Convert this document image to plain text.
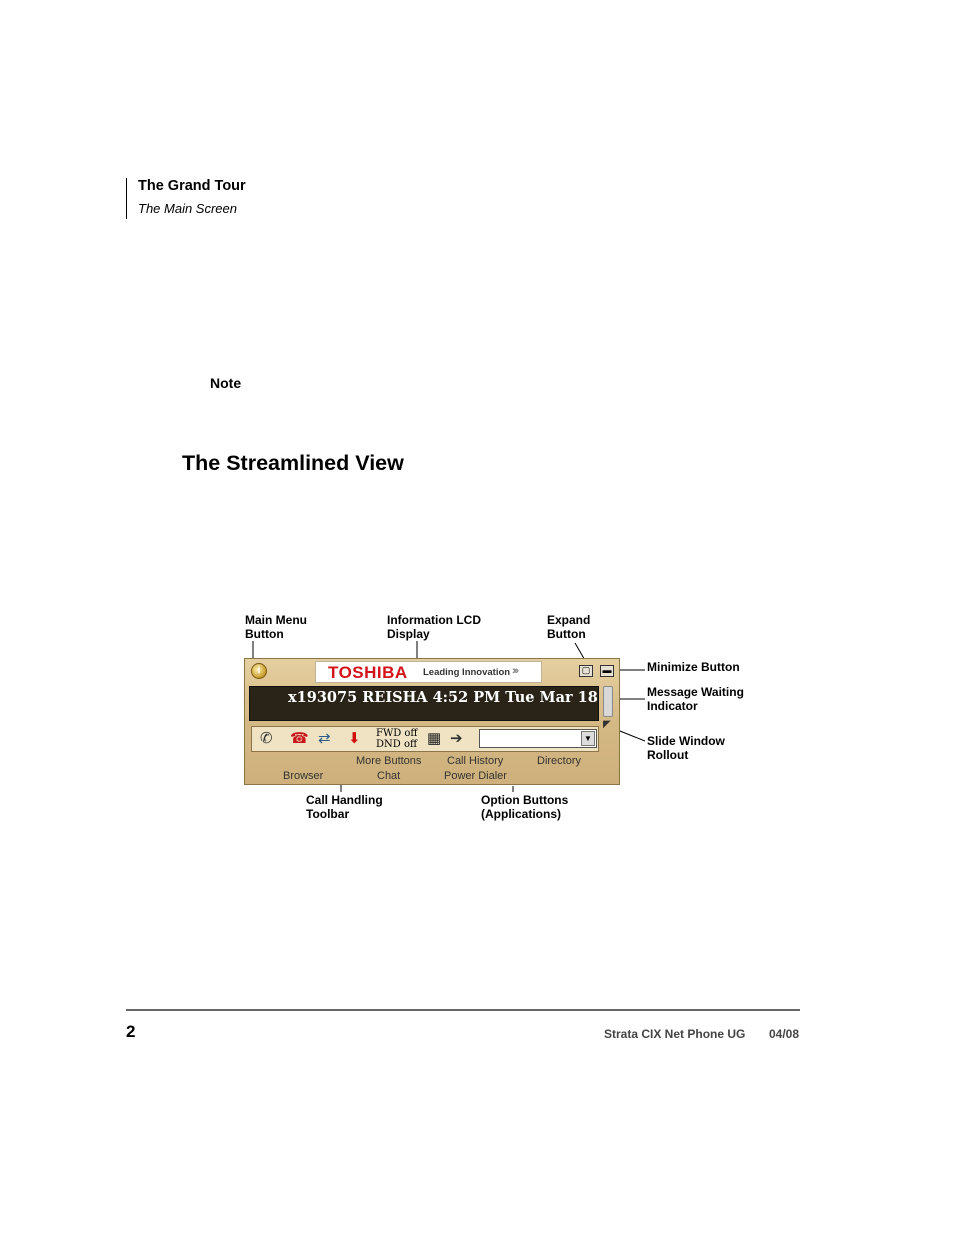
The Grand Tour
The Main Screen
Note
The Streamlined View
Main Menu
Button
Information LCD
Display
Expand
Button
Minimize Button
Message Waiting
Indicator
Slide Window
Rollout
Call Handling
Toolbar
Option Buttons
(Applications)
i	TOSHIBA Leading Innovation ›››	▢	▬
x193075 REISHA 4:52 PM Tue Mar 18
◤
✆ ☎ ⇄ ⬇ FWD off
DND off ▦ ➔	▼
More Buttons Call History	Directory
Browser	Chat	Power Dialer
2	Strata CIX Net Phone UG 04/08
